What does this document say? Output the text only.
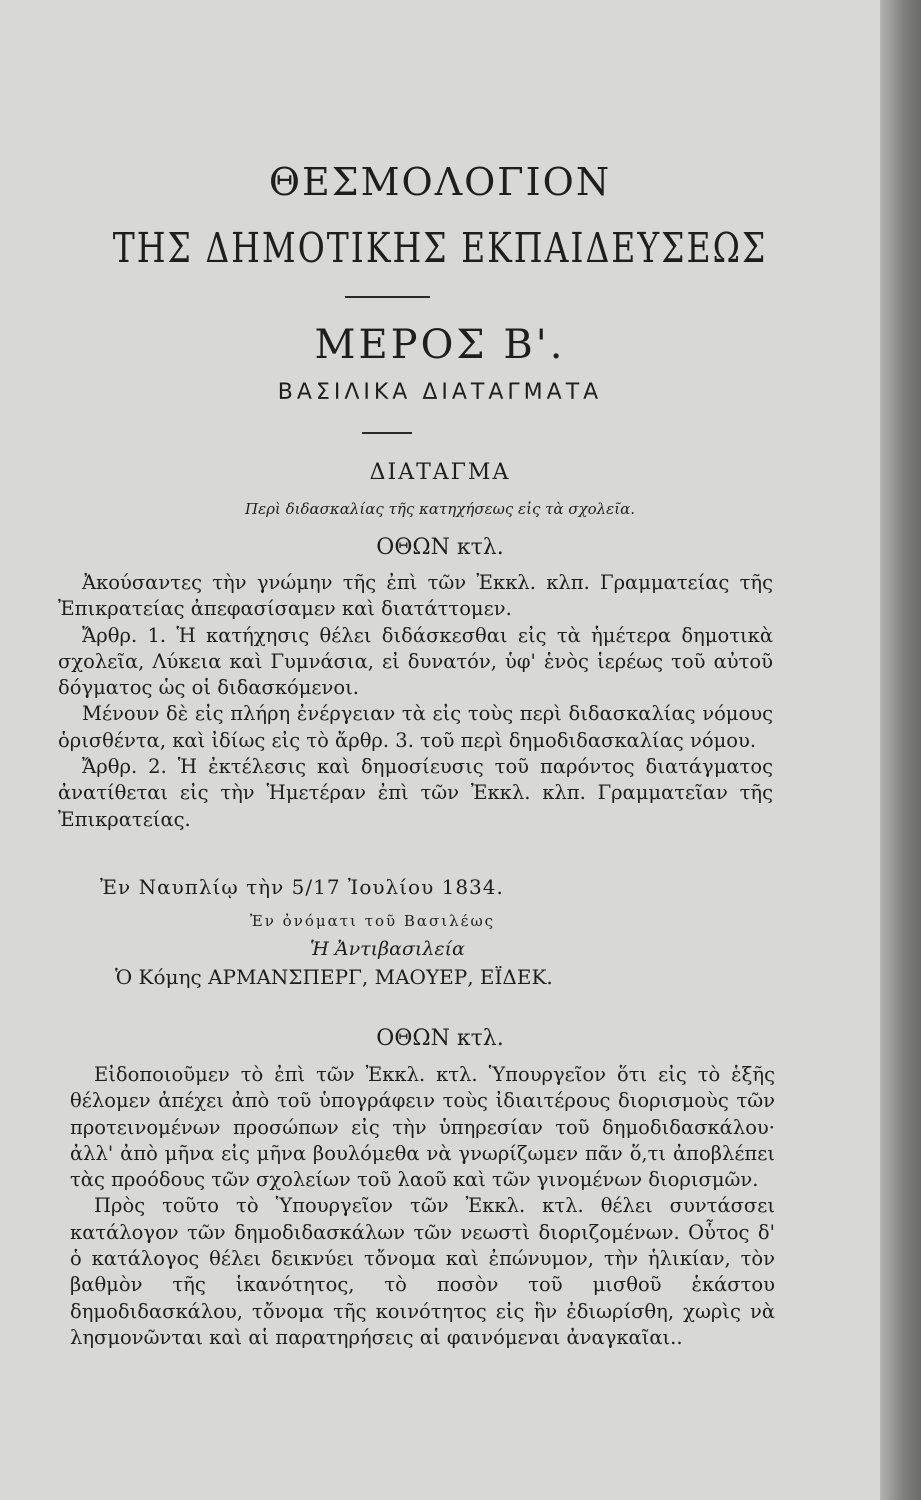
ΘΕΣΜΟΛΟΓΙΟΝ
ΤΗΣ ΔΗΜΟΤΙΚΗΣ ΕΚΠΑΙΔΕΥΣΕΩΣ
ΜΕΡΟΣ Β'.
ΒΑΣΙΛΙΚΑ ΔΙΑΤΑΓΜΑΤΑ
ΔΙΑΤΑΓΜΑ
Περὶ διδασκαλίας τῆς κατηχήσεως εἰς τὰ σχολεῖα.
ΟΘΩΝ κτλ.

Ἀκούσαντες τὴν γνώμην τῆς ἐπὶ τῶν Ἐκκλ. κλπ. Γραμματείας τῆς Ἐπικρατείας ἀπεφασίσαμεν καὶ διατάττομεν.

Ἄρθρ. 1. Ἡ κατήχησις θέλει διδάσκεσθαι εἰς τὰ ἡμέτερα δημοτικὰ σχολεῖα, Λύκεια καὶ Γυμνάσια, εἰ δυνατόν, ὑφ' ἑνὸς ἱερέως τοῦ αὐτοῦ δόγματος ὡς οἱ διδασκόμενοι.

Μένουν δὲ εἰς πλήρη ἐνέργειαν τὰ εἰς τοὺς περὶ διδασκαλίας νόμους ὁρισθέντα, καὶ ἰδίως εἰς τὸ ἄρθρ. 3. τοῦ περὶ δημοδιδασκαλίας νόμου.

Ἄρθρ. 2. Ἡ ἐκτέλεσις καὶ δημοσίευσις τοῦ παρόντος διατάγματος ἀνατίθεται εἰς τὴν Ἡμετέραν ἐπὶ τῶν Ἐκκλ. κλπ. Γραμματεῖαν τῆς Ἐπικρατείας.

Ἐν Ναυπλίῳ τὴν 5/17 Ἰουλίου 1834.
Ἐν ὀνόματι τοῦ Βασιλέως
Ἡ Ἀντιβασιλεία
Ὁ Κόμης ΑΡΜΑΝΣΠΕΡΓ, ΜΑΟΥΕΡ, ΕΪΔΕΚ.
ΟΘΩΝ κτλ.

Εἰδοποιοῦμεν τὸ ἐπὶ τῶν Ἐκκλ. κτλ. Ὑπουργεῖον ὅτι εἰς τὸ ἑξῆς θέλομεν ἀπέχει ἀπὸ τοῦ ὑπογράφειν τοὺς ἰδιαιτέρους διορισμοὺς τῶν προτεινομένων προσώπων εἰς τὴν ὑπηρεσίαν τοῦ δημοδιδασκάλου· ἀλλ' ἀπὸ μῆνα εἰς μῆνα βουλόμεθα νὰ γνωρίζωμεν πᾶν ὅ,τι ἀποβλέπει τὰς προόδους τῶν σχολείων τοῦ λαοῦ καὶ τῶν γινομένων διορισμῶν.

Πρὸς τοῦτο τὸ Ὑπουργεῖον τῶν Ἐκκλ. κτλ. θέλει συντάσσει κατάλογον τῶν δημοδιδασκάλων τῶν νεωστὶ διοριζομένων. Οὗτος δ' ὁ κατάλογος θέλει δεικνύει τὄνομα καὶ ἐπώνυμον, τὴν ἡλικίαν, τὸν βαθμὸν τῆς ἱκανότητος, τὸ ποσὸν τοῦ μισθοῦ ἑκάστου δημοδιδασκάλου, τὄνομα τῆς κοινότητος εἰς ἣν ἐδιωρίσθη, χωρὶς νὰ λησμονῶνται καὶ αἱ παρατηρήσεις αἱ φαινόμεναι ἀναγκαῖαι..
